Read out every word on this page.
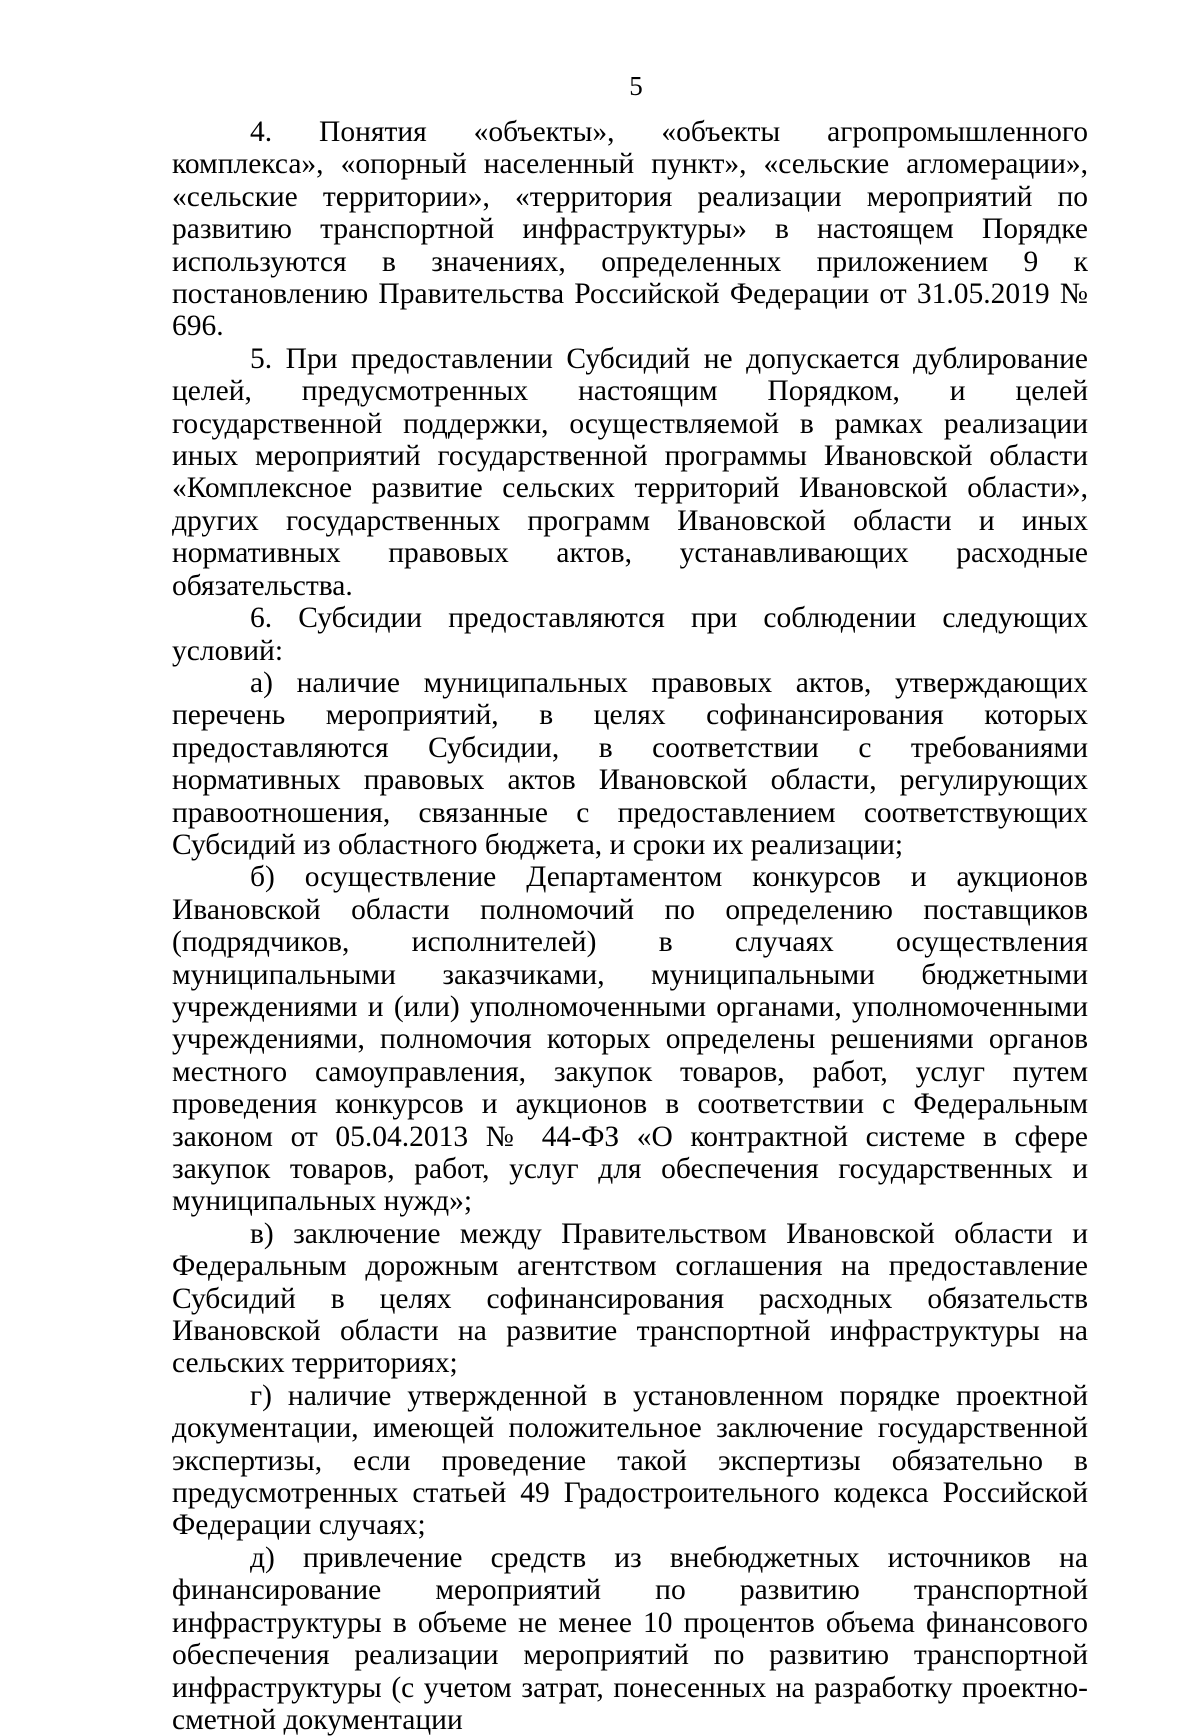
5

4. Понятия «объекты», «объекты агропромышленного комплекса», «опорный населенный пункт», «сельские агломерации», «сельские территории», «территория реализации мероприятий по развитию транспортной инфраструктуры» в настоящем Порядке используются в значениях, определенных приложением 9 к постановлению Правительства Российской Федерации от 31.05.2019 № 696.

5. При предоставлении Субсидий не допускается дублирование целей, предусмотренных настоящим Порядком, и целей государственной поддержки, осуществляемой в рамках реализации иных мероприятий государственной программы Ивановской области «Комплексное развитие сельских территорий Ивановской области», других государственных программ Ивановской области и иных нормативных правовых актов, устанавливающих расходные обязательства.

6. Субсидии предоставляются при соблюдении следующих условий:

а) наличие муниципальных правовых актов, утверждающих перечень мероприятий, в целях софинансирования которых предоставляются Субсидии, в соответствии с требованиями нормативных правовых актов Ивановской области, регулирующих правоотношения, связанные с предоставлением соответствующих Субсидий из областного бюджета, и сроки их реализации;

б) осуществление Департаментом конкурсов и аукционов Ивановской области полномочий по определению поставщиков (подрядчиков, исполнителей) в случаях осуществления муниципальными заказчиками, муниципальными бюджетными учреждениями и (или) уполномоченными органами, уполномоченными учреждениями, полномочия которых определены решениями органов местного самоуправления, закупок товаров, работ, услуг путем проведения конкурсов и аукционов в соответствии с Федеральным законом от 05.04.2013 № 44-ФЗ «О контрактной системе в сфере закупок товаров, работ, услуг для обеспечения государственных и муниципальных нужд»;

в) заключение между Правительством Ивановской области и Федеральным дорожным агентством соглашения на предоставление Субсидий в целях софинансирования расходных обязательств Ивановской области на развитие транспортной инфраструктуры на сельских территориях;

г) наличие утвержденной в установленном порядке проектной документации, имеющей положительное заключение государственной экспертизы, если проведение такой экспертизы обязательно в предусмотренных статьей 49 Градостроительного кодекса Российской Федерации случаях;

д) привлечение средств из внебюджетных источников на финансирование мероприятий по развитию транспортной инфраструктуры в объеме не менее 10 процентов объема финансового обеспечения реализации мероприятий по развитию транспортной инфраструктуры (с учетом затрат, понесенных на разработку проектно-сметной документации
